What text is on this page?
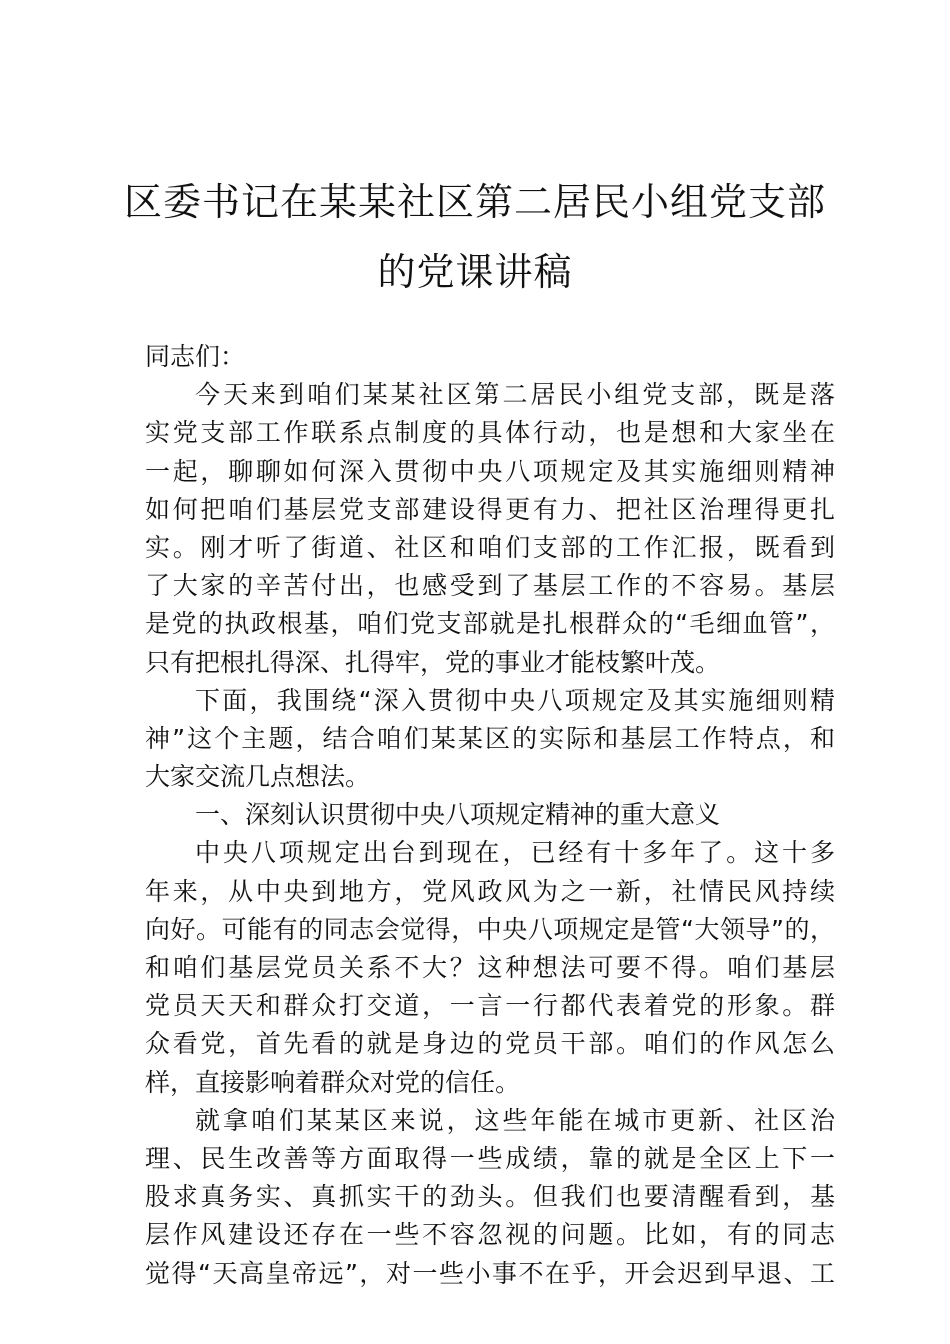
区委书记在某某社区第二居民小组党支部
的党课讲稿
同志们：
今天来到咱们某某社区第二居民小组党支部，既是落
实党支部工作联系点制度的具体行动，也是想和大家坐在
一起，聊聊如何深入贯彻中央八项规定及其实施细则精神
如何把咱们基层党支部建设得更有力、把社区治理得更扎
实。刚才听了街道、社区和咱们支部的工作汇报，既看到
了大家的辛苦付出，也感受到了基层工作的不容易。基层
是党的执政根基，咱们党支部就是扎根群众的“毛细血管”，
只有把根扎得深、扎得牢，党的事业才能枝繁叶茂。
下面，我围绕“深入贯彻中央八项规定及其实施细则精
神”这个主题，结合咱们某某区的实际和基层工作特点，和
大家交流几点想法。
一、深刻认识贯彻中央八项规定精神的重大意义
中央八项规定出台到现在，已经有十多年了。这十多
年来，从中央到地方，党风政风为之一新，社情民风持续
向好。可能有的同志会觉得，中央八项规定是管“大领导”的，
和咱们基层党员关系不大？这种想法可要不得。咱们基层
党员天天和群众打交道，一言一行都代表着党的形象。群
众看党，首先看的就是身边的党员干部。咱们的作风怎么
样，直接影响着群众对党的信任。
就拿咱们某某区来说，这些年能在城市更新、社区治
理、民生改善等方面取得一些成绩，靠的就是全区上下一
股求真务实、真抓实干的劲头。但我们也要清醒看到，基
层作风建设还存在一些不容忽视的问题。比如，有的同志
觉得“天高皇帝远”，对一些小事不在乎，开会迟到早退、工
